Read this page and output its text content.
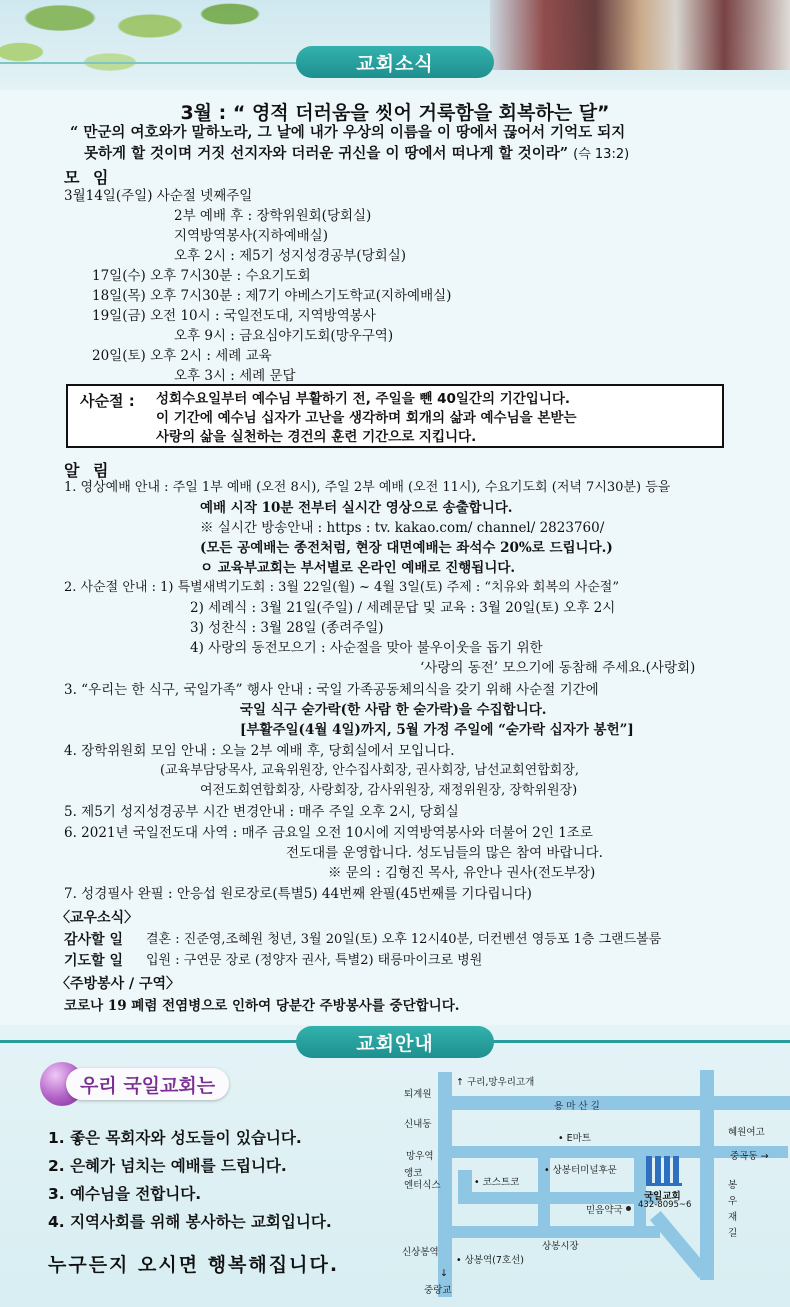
교회소식
3월 : “ 영적 더러움을 씻어 거룩함을 회복하는 달”
“ 만군의 여호와가 말하노라, 그 날에 내가 우상의 이름을 이 땅에서 끊어서 기억도 되지
못하게 할 것이며 거짓 선지자와 더러운 귀신을 이 땅에서 떠나게 할 것이라” (슥 13:2)
모 임
3월14일(주일) 사순절 넷째주일
2부 예배 후 : 장학위원회(당회실)
지역방역봉사(지하예배실)
오후 2시 : 제5기 성지성경공부(당회실)
17일(수) 오후 7시30분 : 수요기도회
18일(목) 오후 7시30분 : 제7기 야베스기도학교(지하예배실)
19일(금) 오전 10시 : 국일전도대, 지역방역봉사
오후 9시 : 금요심야기도회(망우구역)
20일(토) 오후 2시 : 세례 교육
오후 3시 : 세례 문답
사순절 : 성회수요일부터 예수님 부활하기 전, 주일을 뺀 40일간의 기간입니다.
이 기간에 예수님 십자가 고난을 생각하며 회개의 삶과 예수님을 본받는
사랑의 삶을 실천하는 경건의 훈련 기간으로 지킵니다.
알 림
1. 영상예배 안내 : 주일 1부 예배 (오전 8시), 주일 2부 예배 (오전 11시), 수요기도회 (저녁 7시30분) 등을
예배 시작 10분 전부터 실시간 영상으로 송출합니다.
※ 실시간 방송안내 : https : tv. kakao.com/ channel/ 2823760/
(모든 공예배는 종전처럼, 현장 대면예배는 좌석수 20%로 드립니다.)
ㅇ 교육부교회는 부서별로 온라인 예배로 진행됩니다.
2. 사순절 안내 : 1) 특별새벽기도회 : 3월 22일(월) ~ 4월 3일(토) 주제 : “치유와 회복의 사순절”
2) 세례식 : 3월 21일(주일) / 세례문답 및 교육 : 3월 20일(토) 오후 2시
3) 성찬식 : 3월 28일 (종려주일)
4) 사랑의 동전모으기 : 사순절을 맞아 불우이웃을 돕기 위한
‘사랑의 동전’ 모으기에 동참해 주세요.(사랑회)
3. “우리는 한 식구, 국일가족” 행사 안내 : 국일 가족공동체의식을 갖기 위해 사순절 기간에
국일 식구 숟가락(한 사람 한 숟가락)을 수집합니다.
[부활주일(4월 4일)까지, 5월 가정 주일에 “숟가락 십자가 봉헌”]
4. 장학위원회 모임 안내 : 오늘 2부 예배 후, 당회실에서 모입니다.
(교육부담당목사, 교육위원장, 안수집사회장, 권사회장, 남선교회연합회장,
여전도회연합회장, 사랑회장, 감사위원장, 재정위원장, 장학위원장)
5. 제5기 성지성경공부 시간 변경안내 : 매주 주일 오후 2시, 당회실
6. 2021년 국일전도대 사역 : 매주 금요일 오전 10시에 지역방역봉사와 더불어 2인 1조로
전도대를 운영합니다. 성도님들의 많은 참여 바랍니다.
※ 문의 : 김형진 목사, 유안나 권사(전도부장)
7. 성경필사 완필 : 안응섭 원로장로(특별5) 44번째 완필(45번째를 기다립니다)
〈교우소식〉
감사할 일 결혼 : 진준영,조혜원 청년, 3월 20일(토) 오후 12시40분, 더컨벤션 영등포 1층 그랜드볼룸
기도할 일 입원 : 구연문 장로 (정양자 권사, 특별2) 태릉마이크로 병원
〈주방봉사 / 구역〉
코로나 19 폐렴 전염병으로 인하여 당분간 주방봉사를 중단합니다.
교회안내
우리 국일교회는
1. 좋은 목회자와 성도들이 있습니다.
2. 은혜가 넘치는 예배를 드립니다.
3. 예수님을 전합니다.
4. 지역사회를 위해 봉사하는 교회입니다.
누구든지 오시면 행복해집니다.
퇴계원
↑ 구리,망우리고개
용 마 산 길
신내동
• E마트
혜원여고
망우역	중곡동 →
앵코
엔터식스	• 코스트코
• 상봉터미널후문
국일교회
432-8095~6
믿음약국
봉
우
재
길
상봉시장
신상봉역
• 상봉역(7호선)
↓
중랑교
